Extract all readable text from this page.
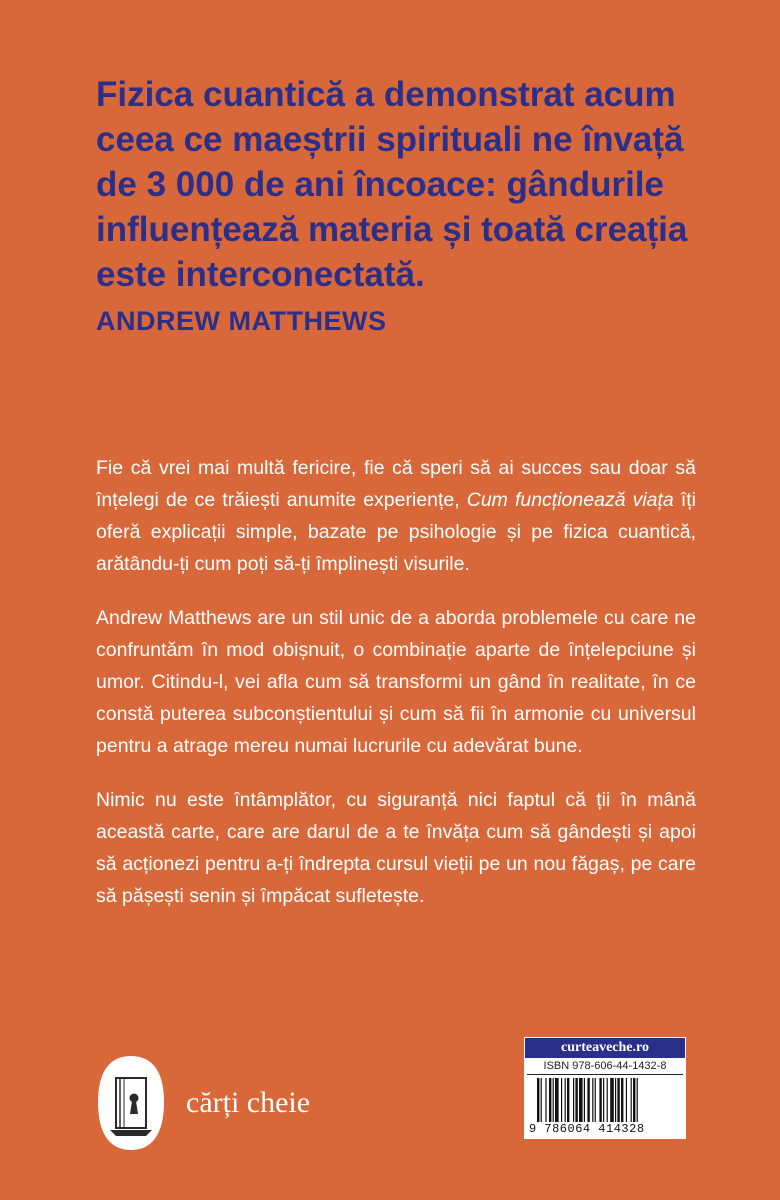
Fizica cuantică a demonstrat acum ceea ce maeștrii spirituali ne învață de 3 000 de ani încoace: gândurile influențează materia și toată creația este interconectată.
ANDREW MATTHEWS

Fie că vrei mai multă fericire, fie că speri să ai succes sau doar să înțelegi de ce trăiești anumite experiențe, Cum funcționează viața îți oferă explicații simple, bazate pe psihologie și pe fizica cuantică, arătându-ți cum poți să-ți împlinești visurile.

Andrew Matthews are un stil unic de a aborda problemele cu care ne confruntăm în mod obișnuit, o combinație aparte de înțelepciune și umor. Citindu-l, vei afla cum să transformi un gând în realitate, în ce constă puterea subconștientului și cum să fii în armonie cu universul pentru a atrage mereu numai lucrurile cu adevărat bune.

Nimic nu este întâmplător, cu siguranță nici faptul că ții în mână această carte, care are darul de a te învăța cum să gândești și apoi să acționezi pentru a-ți îndrepta cursul vieții pe un nou făgaș, pe care să pășești senin și împăcat sufletește.

cărți cheie
curteaveche.ro
ISBN 978-606-44-1432-8
9 786064 414328
